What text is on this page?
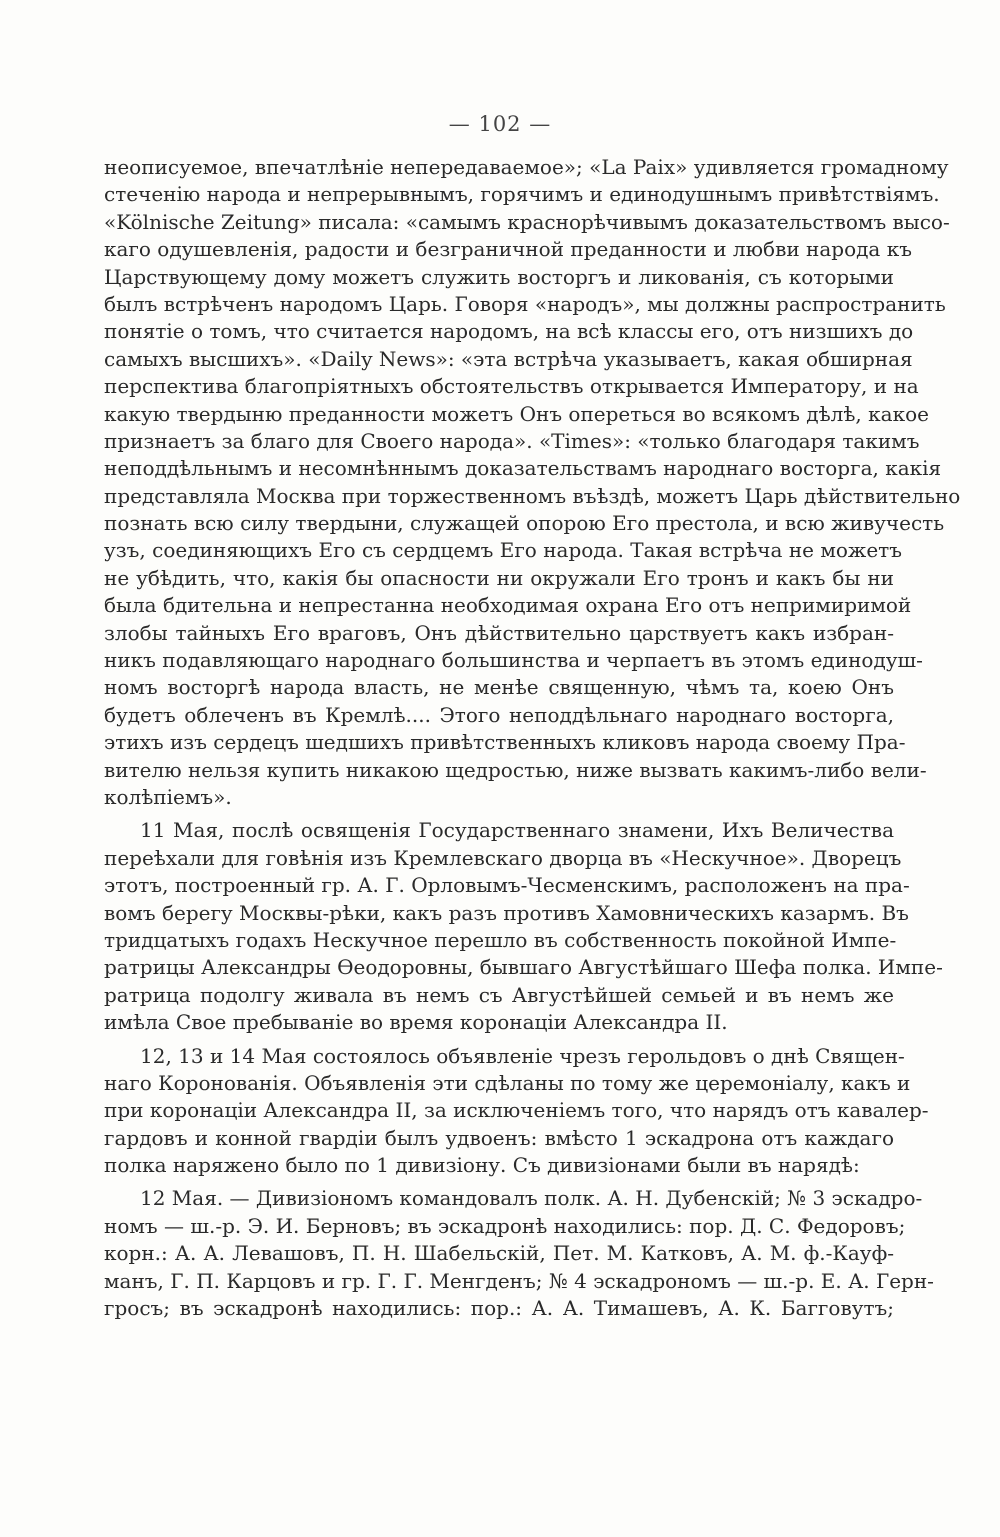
— 102 —
неописуемое, впечатлѣніе непередаваемое»; «La Paix» удивляется громадному
стеченію народа и непрерывнымъ, горячимъ и единодушнымъ привѣтствіямъ.
«Kölnische Zeitung» писала: «самымъ краснорѣчивымъ доказательствомъ высо-
каго одушевленія, радости и безграничной преданности и любви народа къ
Царствующему дому можетъ служить восторгъ и ликованія, съ которыми
былъ встрѣченъ народомъ Царь. Говоря «народъ», мы должны распространить
понятіе о томъ, что считается народомъ, на всѣ классы его, отъ низшихъ до
самыхъ высшихъ». «Daily News»: «эта встрѣча указываетъ, какая обширная
перспектива благопріятныхъ обстоятельствъ открывается Императору, и на
какую твердыню преданности можетъ Онъ опереться во всякомъ дѣлѣ, какое
признаетъ за благо для Своего народа». «Times»: «только благодаря такимъ
неподдѣльнымъ и несомнѣннымъ доказательствамъ народнаго восторга, какія
представляла Москва при торжественномъ въѣздѣ, можетъ Царь дѣйствительно
познать всю силу твердыни, служащей опорою Его престола, и всю живучесть
узъ, соединяющихъ Его съ сердцемъ Его народа. Такая встрѣча не можетъ
не убѣдить, что, какія бы опасности ни окружали Его тронъ и какъ бы ни
была бдительна и непрестанна необходимая охрана Его отъ непримиримой
злобы тайныхъ Его враговъ, Онъ дѣйствительно царствуетъ какъ избран-
никъ подавляющаго народнаго большинства и черпаетъ въ этомъ единодуш-
номъ восторгѣ народа власть, не менѣе священную, чѣмъ та, коею Онъ
будетъ облеченъ въ Кремлѣ.... Этого неподдѣльнаго народнаго восторга,
этихъ изъ сердецъ шедшихъ привѣтственныхъ кликовъ народа своему Пра-
вителю нельзя купить никакою щедростью, ниже вызвать какимъ-либо вели-
колѣпіемъ».
11 Мая, послѣ освященія Государственнаго знамени, Ихъ Величества
переѣхали для говѣнія изъ Кремлевскаго дворца въ «Нескучное». Дворецъ
этотъ, построенный гр. А. Г. Орловымъ-Чесменскимъ, расположенъ на пра-
вомъ берегу Москвы-рѣки, какъ разъ противъ Хамовническихъ казармъ. Въ
тридцатыхъ годахъ Нескучное перешло въ собственность покойной Импе-
ратрицы Александры Өеодоровны, бывшаго Августѣйшаго Шефа полка. Импе-
ратрица подолгу живала въ немъ съ Августѣйшей семьей и въ немъ же
имѣла Свое пребываніе во время коронаціи Александра II.
12, 13 и 14 Мая состоялось объявленіе чрезъ герольдовъ о днѣ Священ-
наго Коронованія. Объявленія эти сдѣланы по тому же церемоніалу, какъ и
при коронаціи Александра II, за исключеніемъ того, что нарядъ отъ кавалер-
гардовъ и конной гвардіи былъ удвоенъ: вмѣсто 1 эскадрона отъ каждаго
полка наряжено было по 1 дивизіону. Съ дивизіонами были въ нарядѣ:
12 Мая. — Дивизіономъ командовалъ полк. А. Н. Дубенскій; № 3 эскадро-
номъ — ш.-р. Э. И. Берновъ; въ эскадронѣ находились: пор. Д. С. Федоровъ;
корн.: А. А. Левашовъ, П. Н. Шабельскій, Пет. М. Катковъ, А. М. ф.-Кауф-
манъ, Г. П. Карцовъ и гр. Г. Г. Менгденъ; № 4 эскадрономъ — ш.-р. Е. А. Герн-
гросъ; въ эскадронѣ находились: пор.: А. А. Тимашевъ, А. К. Багговутъ;
